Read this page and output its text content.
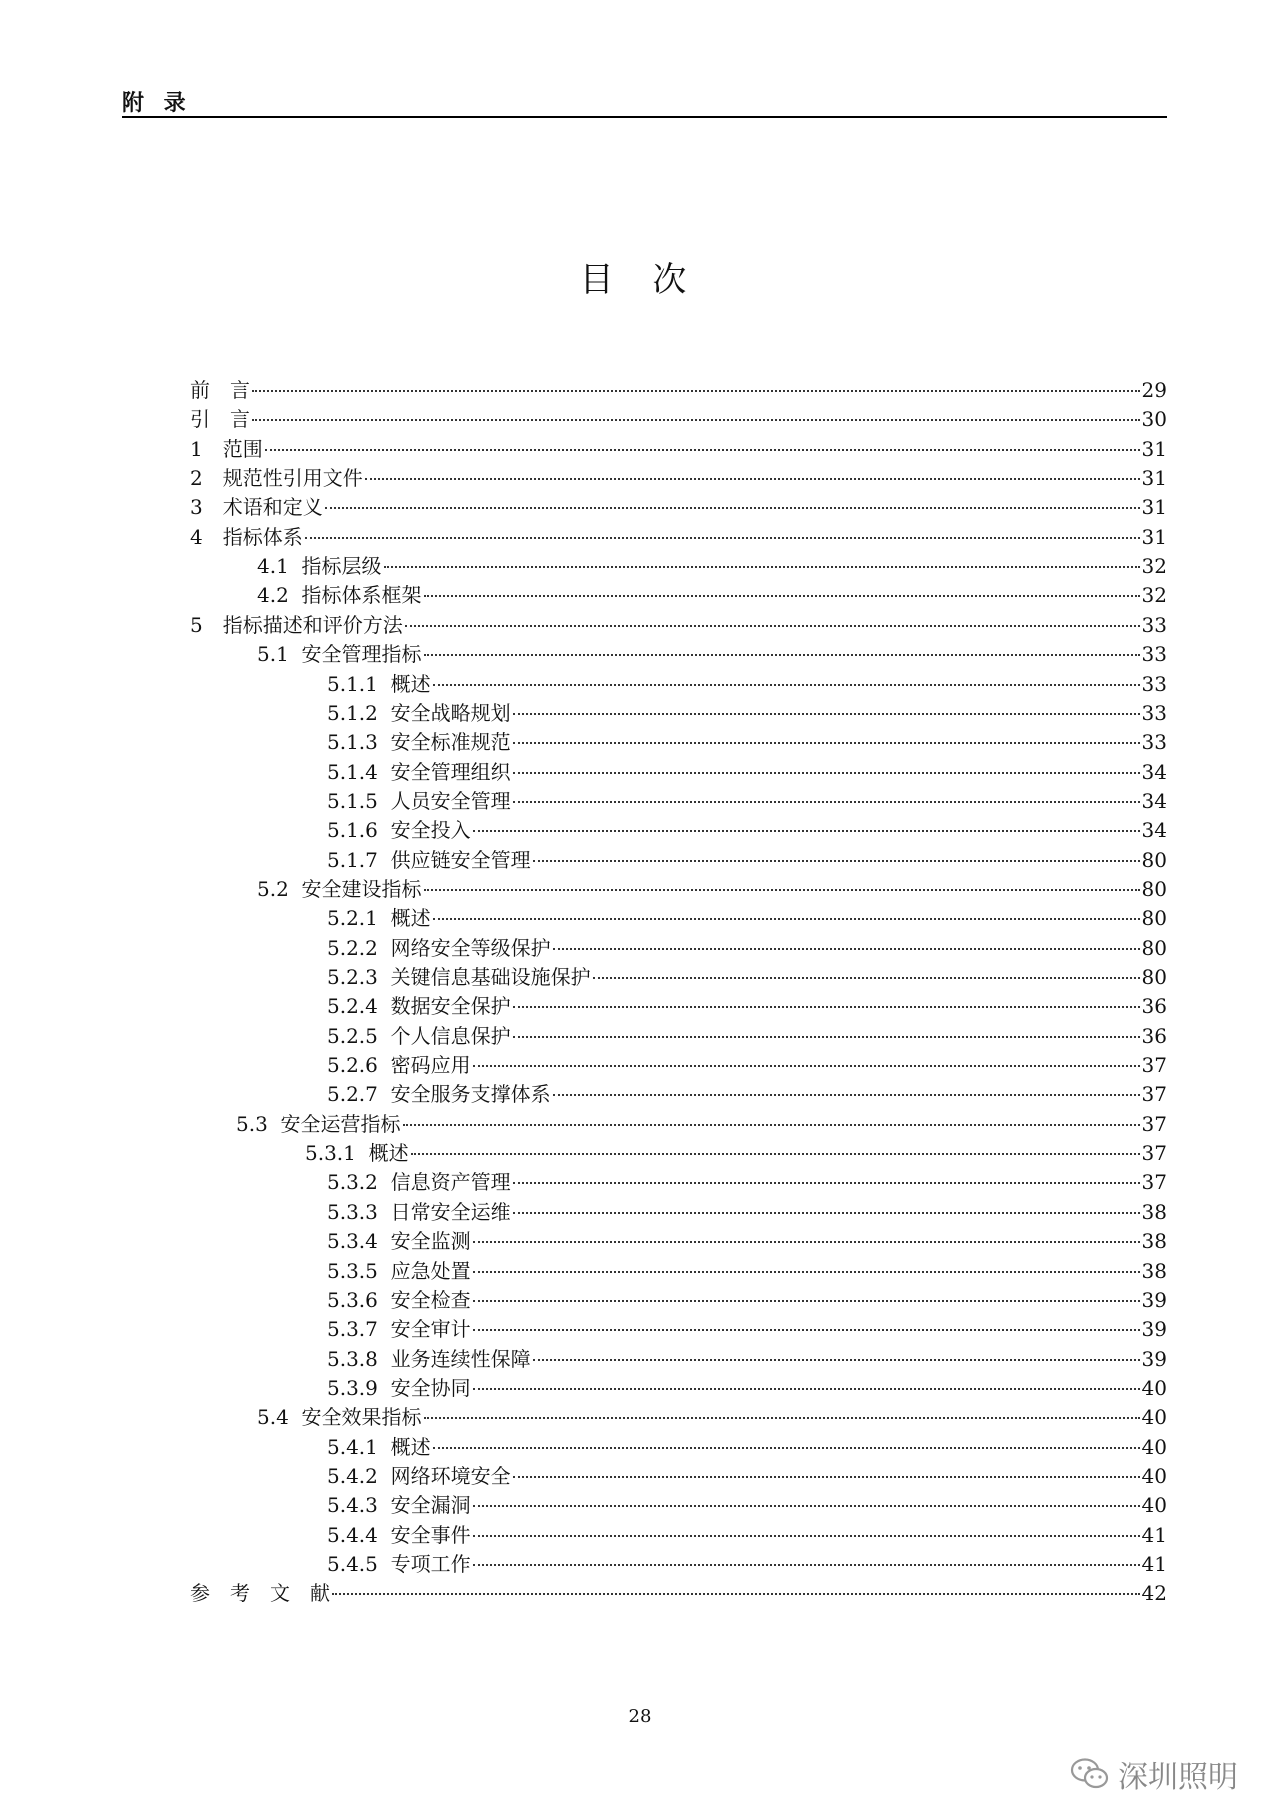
附 录
目 次
前　言	29
引　言	30
1　范围	31
2　规范性引用文件	31
3　术语和定义	31
4　指标体系	31
4.1  指标层级	32
4.2  指标体系框架	32
5　指标描述和评价方法	33
5.1  安全管理指标	33
5.1.1  概述	33
5.1.2  安全战略规划	33
5.1.3  安全标准规范	33
5.1.4  安全管理组织	34
5.1.5  人员安全管理	34
5.1.6  安全投入	34
5.1.7  供应链安全管理	80
5.2  安全建设指标	80
5.2.1  概述	80
5.2.2  网络安全等级保护	80
5.2.3  关键信息基础设施保护	80
5.2.4  数据安全保护	36
5.2.5  个人信息保护	36
5.2.6  密码应用	37
5.2.7  安全服务支撑体系	37
5.3  安全运营指标	37
5.3.1  概述	37
5.3.2  信息资产管理	37
5.3.3  日常安全运维	38
5.3.4  安全监测	38
5.3.5  应急处置	38
5.3.6  安全检查	39
5.3.7  安全审计	39
5.3.8  业务连续性保障	39
5.3.9  安全协同	40
5.4  安全效果指标	40
5.4.1  概述	40
5.4.2  网络环境安全	40
5.4.3  安全漏洞	40
5.4.4  安全事件	41
5.4.5  专项工作	41
参　考　文　献	42
28
深圳照明
